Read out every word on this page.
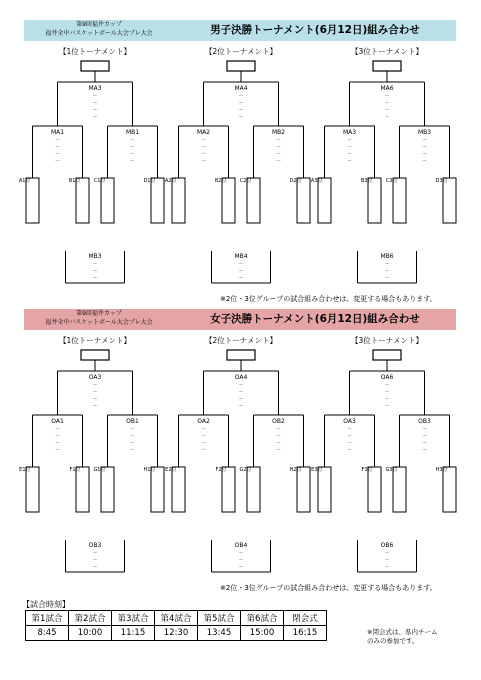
第9回福井カップ
福井全中バスケットボール大会プレ大会	男子決勝トーナメント(6月12日)組み合わせ
第9回福井カップ
福井全中バスケットボール大会プレ大会	女子決勝トーナメント(6月12日)組み合わせ
【1位トーナメント】
MA3
－
－
－
－
MA1	MB1
－
－
－
－
－
－
－
－
A1位	B1位	C1位	D1位
MB3
－
－
－
【2位トーナメント】
MA4
－
－
－
－
MA2	MB2
－
－
－
－
－
－
－
－
A2位	B2位	C2位	D2位
MB4
－
－
－
【3位トーナメント】
MA6
－
－
－
－
MA3	MB3
－
－
－
－
－
－
－
－
A3位	B3位	C3位	D3位
MB6
－
－
－
【1位トーナメント】
OA3
－
－
－
－
OA1	OB1
－
－
－
－
－
－
－
－
E1位	F1位	G1位	H1位
OB3
－
－
－
【2位トーナメント】
OA4
－
－
－
－
OA2	OB2
－
－
－
－
－
－
－
－
E2位	F2位	G2位	H2位
OB4
－
－
－
【3位トーナメント】
OA6
－
－
－
－
OA3	OB3
－
－
－
－
－
－
－
－
E3位	F3位	G3位	H3位
OB6
－
－
－
※2位・3位グループの試合組み合わせは、変更する場合もあります。
※2位・3位グループの試合組み合わせは、変更する場合もあります。
【試合時刻】
第1試合	第2試合	第3試合	第4試合	第5試合	第6試合	閉会式
8:45	10:00	11:15	12:30	13:45	15:00	16:15	※閉会式は、県内チーム
のみの参加です。
